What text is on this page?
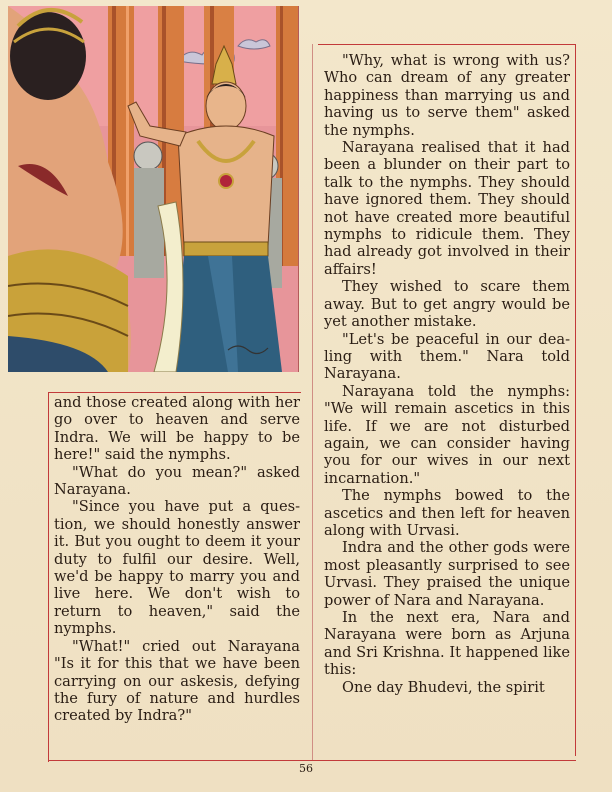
and those created along with her go over to heaven and serve Indra. We will be happy to be here!" said the nymphs.

"What do you mean?" asked Narayana.

"Since you have put a ques-tion, we should honestly answer it. But you ought to deem it your duty to fulfil our desire. Well, we'd be happy to marry you and live here. We don't wish to return to heaven," said the nymphs.

"What!" cried out Narayana "Is it for this that we have been carrying on our askesis, defying the fury of nature and hurdles created by Indra?"

"Why, what is wrong with us? Who can dream of any greater happiness than marrying us and having us to serve them" asked the nymphs.

Narayana realised that it had been a blunder on their part to talk to the nymphs. They should have ignored them. They should not have created more beautiful nymphs to ridicule them. They had already got involved in their affairs!

They wished to scare them away. But to get angry would be yet another mistake.

"Let's be peaceful in our dea-ling with them." Nara told Narayana.

Narayana told the nymphs: "We will remain ascetics in this life. If we are not disturbed again, we can consider having you for our wives in our next incarnation."

The nymphs bowed to the ascetics and then left for heaven along with Urvasi.

Indra and the other gods were most pleasantly surprised to see Urvasi. They praised the unique power of Nara and Narayana.

In the next era, Nara and Narayana were born as Arjuna and Sri Krishna. It happened like this:

One day Bhudevi, the spirit

56
